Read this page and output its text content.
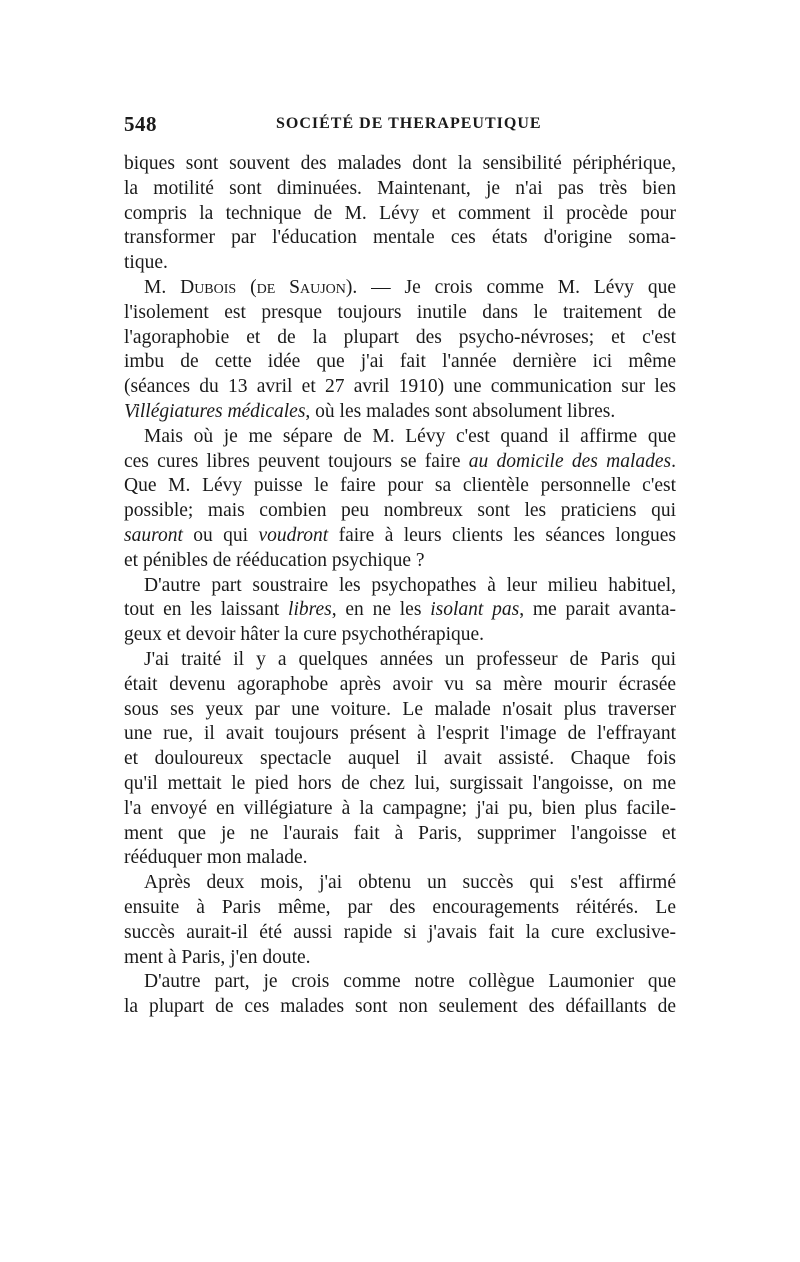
548	SOCIÉTÉ DE THERAPEUTIQUE
biques sont souvent des malades dont la sensibilité périphérique,
la motilité sont diminuées. Maintenant, je n'ai pas très bien
compris la technique de M. Lévy et comment il procède pour
transformer par l'éducation mentale ces états d'origine soma-
tique.
M. Dubois (de Saujon). — Je crois comme M. Lévy que
l'isolement est presque toujours inutile dans le traitement de
l'agoraphobie et de la plupart des psycho-névroses; et c'est
imbu de cette idée que j'ai fait l'année dernière ici même
(séances du 13 avril et 27 avril 1910) une communication sur les
Villégiatures médicales, où les malades sont absolument libres.
Mais où je me sépare de M. Lévy c'est quand il affirme que
ces cures libres peuvent toujours se faire au domicile des malades.
Que M. Lévy puisse le faire pour sa clientèle personnelle c'est
possible; mais combien peu nombreux sont les praticiens qui
sauront ou qui voudront faire à leurs clients les séances longues
et pénibles de rééducation psychique ?
D'autre part soustraire les psychopathes à leur milieu habituel,
tout en les laissant libres, en ne les isolant pas, me parait avanta-
geux et devoir hâter la cure psychothérapique.
J'ai traité il y a quelques années un professeur de Paris qui
était devenu agoraphobe après avoir vu sa mère mourir écrasée
sous ses yeux par une voiture. Le malade n'osait plus traverser
une rue, il avait toujours présent à l'esprit l'image de l'effrayant
et douloureux spectacle auquel il avait assisté. Chaque fois
qu'il mettait le pied hors de chez lui, surgissait l'angoisse, on me
l'a envoyé en villégiature à la campagne; j'ai pu, bien plus facile-
ment que je ne l'aurais fait à Paris, supprimer l'angoisse et
rééduquer mon malade.
Après deux mois, j'ai obtenu un succès qui s'est affirmé
ensuite à Paris même, par des encouragements réitérés. Le
succès aurait-il été aussi rapide si j'avais fait la cure exclusive-
ment à Paris, j'en doute.
D'autre part, je crois comme notre collègue Laumonier que
la plupart de ces malades sont non seulement des défaillants de
